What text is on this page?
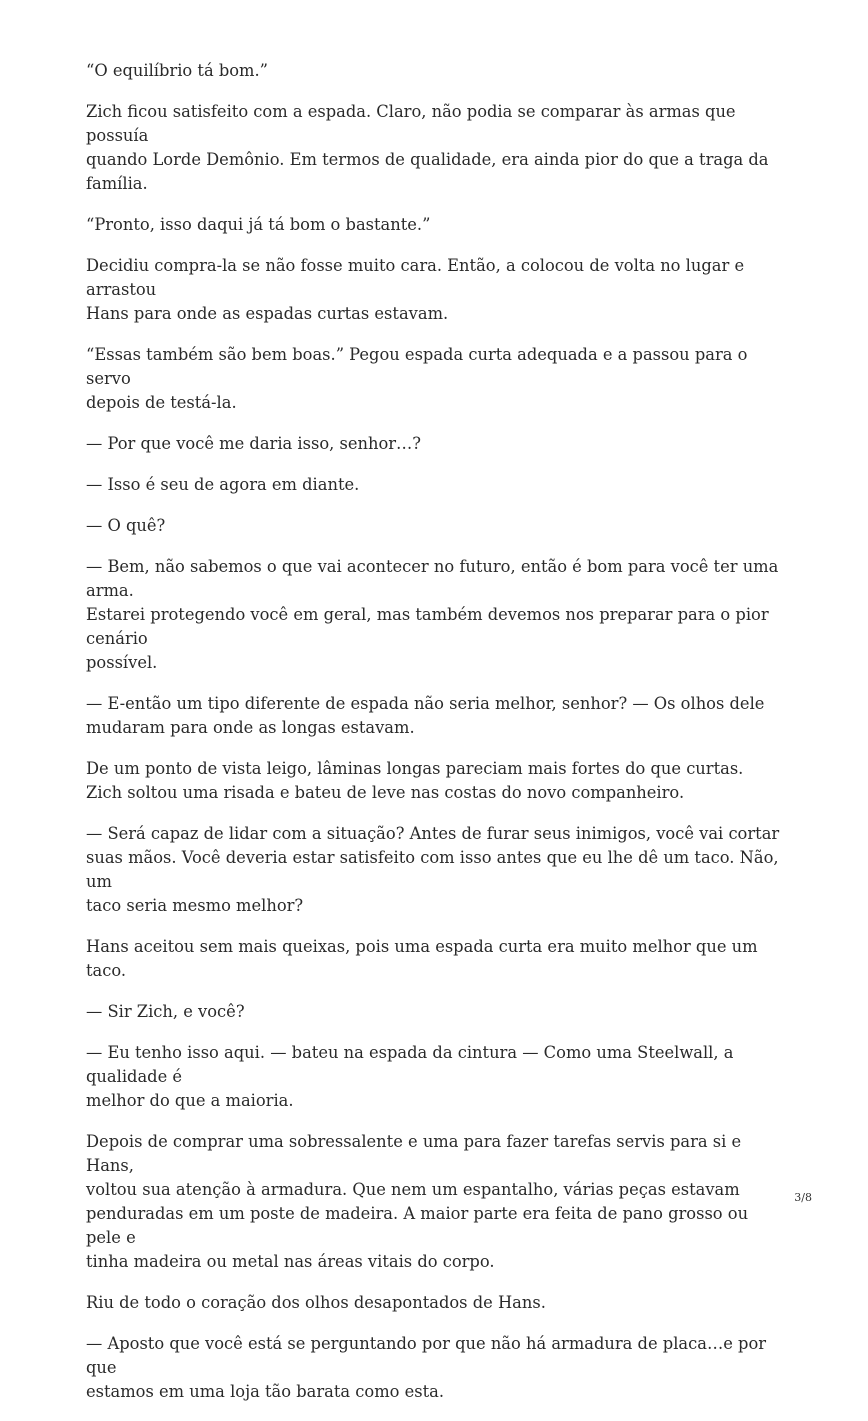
“O equilíbrio tá bom.”

Zich ficou satisfeito com a espada. Claro, não podia se comparar às armas que possuía
quando Lorde Demônio. Em termos de qualidade, era ainda pior do que a traga da
família.

“Pronto, isso daqui já tá bom o bastante.”

Decidiu compra-la se não fosse muito cara. Então, a colocou de volta no lugar e arrastou
Hans para onde as espadas curtas estavam.

“Essas também são bem boas.” Pegou espada curta adequada e a passou para o servo
depois de testá-la.

— Por que você me daria isso, senhor…?

— Isso é seu de agora em diante.

— O quê?

— Bem, não sabemos o que vai acontecer no futuro, então é bom para você ter uma arma.
Estarei protegendo você em geral, mas também devemos nos preparar para o pior cenário
possível.

— E-então um tipo diferente de espada não seria melhor, senhor? — Os olhos dele
mudaram para onde as longas estavam.

De um ponto de vista leigo, lâminas longas pareciam mais fortes do que curtas.
Zich soltou uma risada e bateu de leve nas costas do novo companheiro.

— Será capaz de lidar com a situação? Antes de furar seus inimigos, você vai cortar
suas mãos. Você deveria estar satisfeito com isso antes que eu lhe dê um taco. Não, um
taco seria mesmo melhor?

Hans aceitou sem mais queixas, pois uma espada curta era muito melhor que um taco.

— Sir Zich, e você?

— Eu tenho isso aqui. — bateu na espada da cintura — Como uma Steelwall, a qualidade é
melhor do que a maioria.

Depois de comprar uma sobressalente e uma para fazer tarefas servis para si e Hans,
voltou sua atenção à armadura. Que nem um espantalho, várias peças estavam
penduradas em um poste de madeira. A maior parte era feita de pano grosso ou pele e
tinha madeira ou metal nas áreas vitais do corpo.

Riu de todo o coração dos olhos desapontados de Hans.

— Aposto que você está se perguntando por que não há armadura de placa…e por que
estamos em uma loja tão barata como esta.

3/8
